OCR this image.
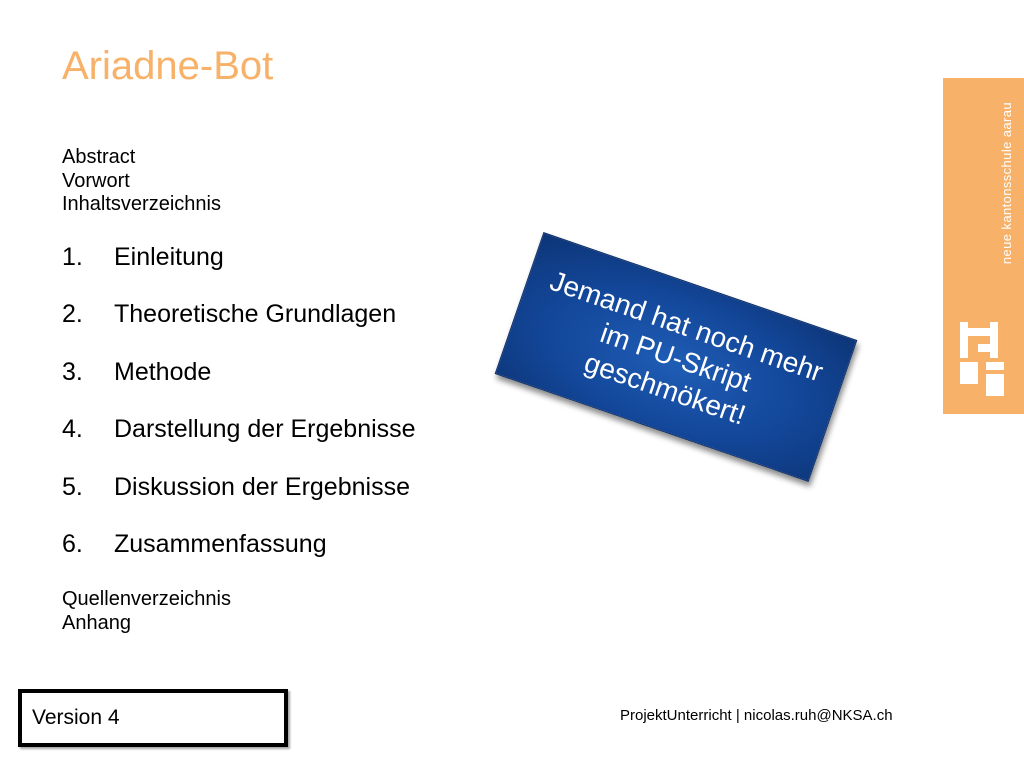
Ariadne-Bot
Abstract
Vorwort
Inhaltsverzeichnis
1. Einleitung
2. Theoretische Grundlagen
3. Methode
4. Darstellung der Ergebnisse
5. Diskussion der Ergebnisse
6. Zusammenfassung
Quellenverzeichnis
Anhang
Jemand hat noch mehr im PU-Skript geschmökert!
neue kantonsschule aarau
Version 4	ProjektUnterricht | nicolas.ruh@NKSA.ch
